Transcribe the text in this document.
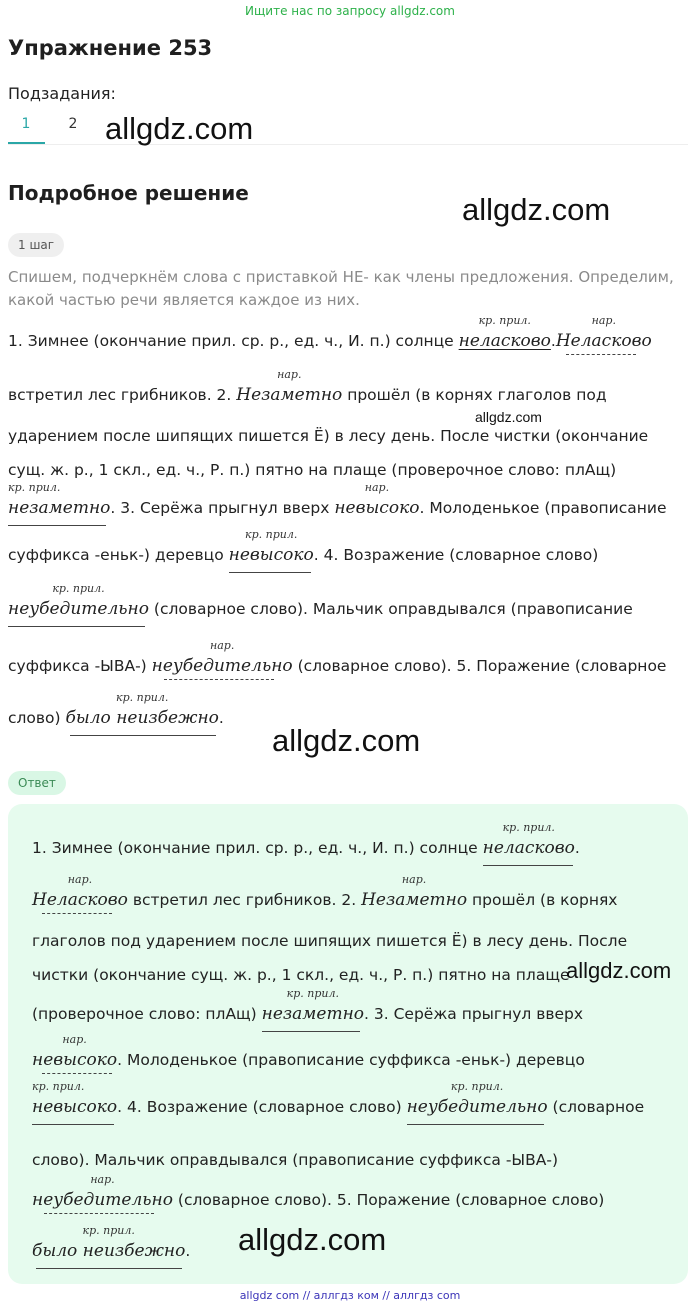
Ищите нас по запросу allgdz.com
Упражнение 253
Подзадания:
1	2 allgdz.com
Подробное решение	allgdz.com
1 шаг
Спишем, подчеркнём слова с приставкой НЕ- как члены предложения. Определим, какой частью речи является каждое из них.
1. Зимнее (окончание прил. ср. р., ед. ч., И. п.) солнце
кр. прил.
неласково.
нар.
Неласково
встретил лес грибников. 2.
нар.
Незаметно прошёл (в корнях глаголов под
allgdz.com
ударением после шипящих пишется Ё) в лесу день. После чистки (окончание
сущ. ж. р., 1 скл., ед. ч., Р. п.) пятно на плаще (проверочное слово: плАщ)
кр. прил.
незаметно
. 3. Серёжа прыгнул вверх
нар.
невысоко. Молоденькое (правописание
суффикса -еньк-) деревцо
кр. прил.
невысоко
. 4. Возражение (словарное слово)
кр. прил.
неубедительно
(словарное слово). Мальчик оправдывался (правописание
суффикса -ЫВА-)
нар.
неубедительно
(словарное слово). 5. Поражение (словарное
слово)
кр. прил.
было неизбежно
.
allgdz.com
Ответ
1. Зимнее (окончание прил. ср. р., ед. ч., И. п.) солнце
кр. прил.
неласково
.
нар.
Неласково
встретил лес грибников. 2.
нар.
Незаметно прошёл (в корнях
глаголов под ударением после шипящих пишется Ё) в лесу день. После
чистки (окончание сущ. ж. р., 1 скл., ед. ч., Р. п.) пятно на плаще
allgdz.com
(проверочное слово: плАщ)
кр. прил.
незаметно
. 3. Серёжа прыгнул вверх
нар.
невысоко
. Молоденькое (правописание суффикса -еньк-) деревцо
кр. прил.
невысоко
. 4. Возражение (словарное слово)
кр. прил.
неубедительно
(словарное
слово). Мальчик оправдывался (правописание суффикса -ЫВА-)
нар.
неубедительно
(словарное слово). 5. Поражение (словарное слово)
кр. прил.
было неизбежно
. allgdz.com
allgdz com // аллгдз ком // аллгдз com
